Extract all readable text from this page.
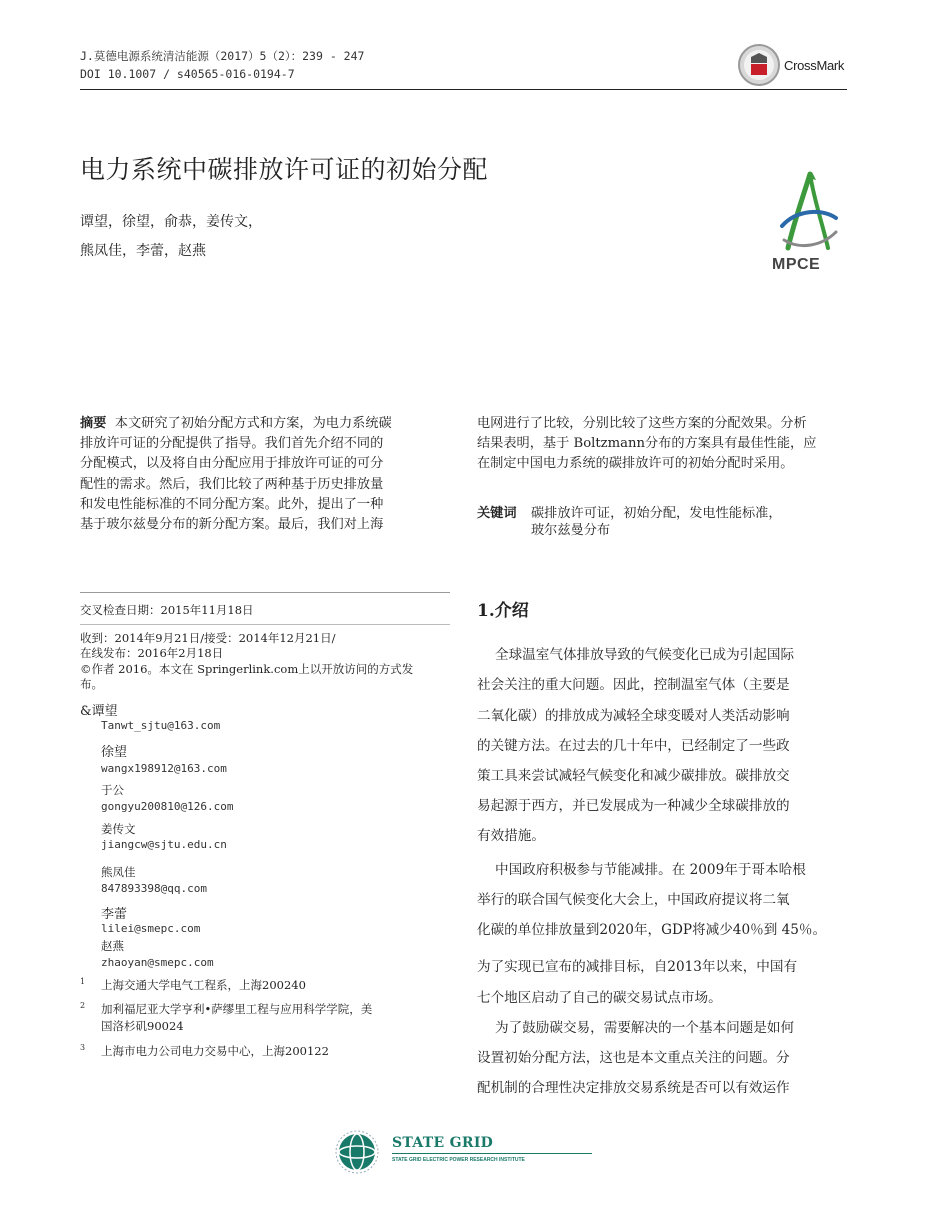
J.莫德电源系统清洁能源（2017）5（2）：239 - 247
DOI 10.1007 / s40565-016-0194-7
CrossMark
电力系统中碳排放许可证的初始分配
谭望，徐望，俞恭，姜传文，
熊凤佳，李蕾，赵燕
MPCE
摘要 本文研究了初始分配方式和方案，为电力系统碳
排放许可证的分配提供了指导。我们首先介绍不同的
分配模式，以及将自由分配应用于排放许可证的可分
配性的需求。然后，我们比较了两种基于历史排放量
和发电性能标准的不同分配方案。此外，提出了一种
基于玻尔兹曼分布的新分配方案。最后，我们对上海
电网进行了比较，分别比较了这些方案的分配效果。分析
结果表明，基于 Boltzmann分布的方案具有最佳性能，应
在制定中国电力系统的碳排放许可的初始分配时采用。
关键词 碳排放许可证，初始分配，发电性能标准，
玻尔兹曼分布
交叉检查日期：2015年11月18日
收到：2014年9月21日/接受：2014年12月21日/
在线发布：2016年2月18日
©作者 2016。本文在 Springerlink.com上以开放访问的方式发
布。
&谭望
Tanwt_sjtu@163.com
徐望
wangx198912@163.com
于公
gongyu200810@126.com
姜传文
jiangcw@sjtu.edu.cn
熊凤佳
847893398@qq.com
李蕾
lilei@smepc.com
赵燕
zhaoyan@smepc.com
1 上海交通大学电气工程系，上海200240
2 加利福尼亚大学亨利•萨缪里工程与应用科学学院，美
国洛杉矶90024
3 上海市电力公司电力交易中心，上海200122
1.介绍
全球温室气体排放导致的气候变化已成为引起国际
社会关注的重大问题。因此，控制温室气体（主要是
二氧化碳）的排放成为减轻全球变暖对人类活动影响
的关键方法。在过去的几十年中，已经制定了一些政
策工具来尝试减轻气候变化和减少碳排放。碳排放交
易起源于西方，并已发展成为一种减少全球碳排放的
有效措施。
中国政府积极参与节能减排。在 2009年于哥本哈根
举行的联合国气候变化大会上，中国政府提议将二氧
化碳的单位排放量到2020年，GDP将减少40％到 45％。
为了实现已宣布的减排目标，自2013年以来，中国有
七个地区启动了自己的碳交易试点市场。
为了鼓励碳交易，需要解决的一个基本问题是如何
设置初始分配方法，这也是本文重点关注的问题。分
配机制的合理性决定排放交易系统是否可以有效运作
STATE GRID
STATE GRID ELECTRIC POWER RESEARCH INSTITUTE
